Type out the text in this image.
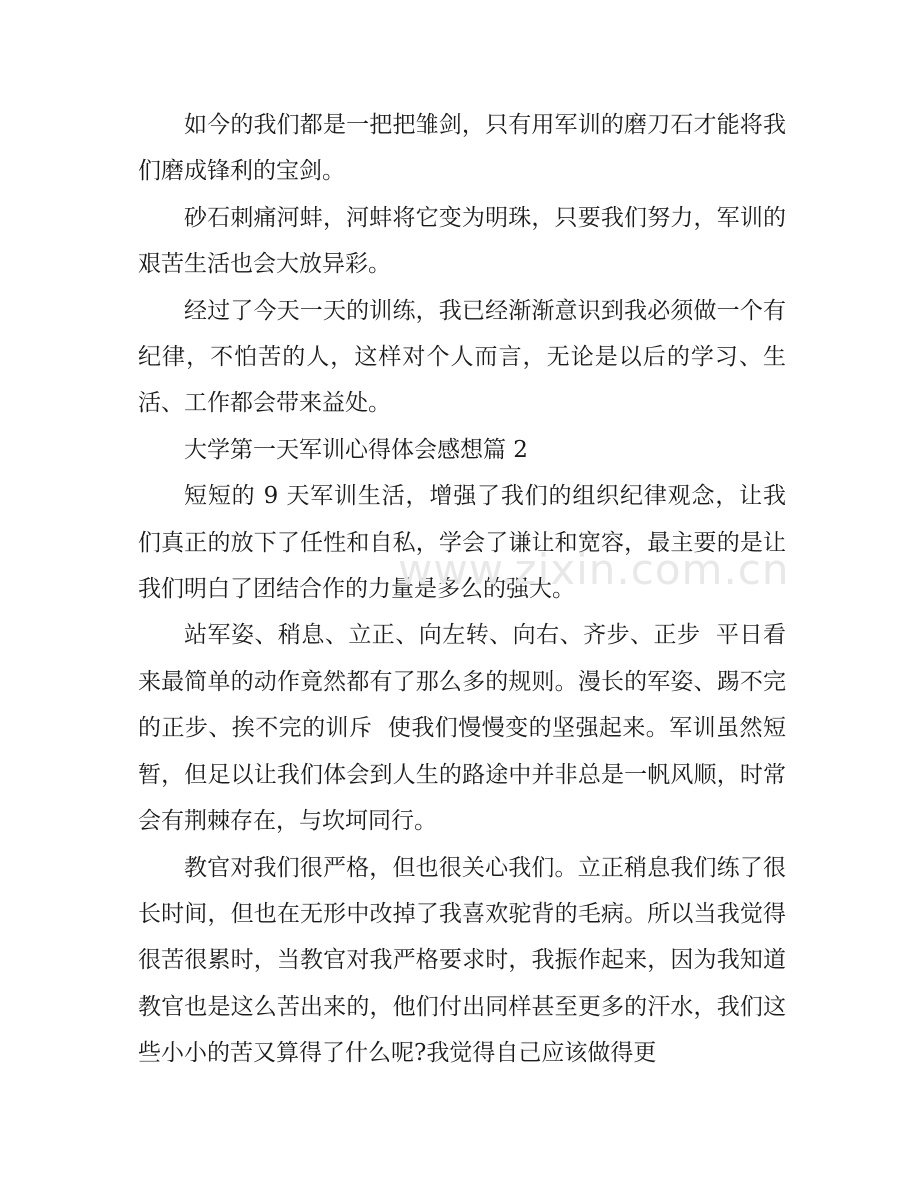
如今的我们都是一把把雏剑，只有用军训的磨刀石才能将我们磨成锋利的宝剑。

砂石刺痛河蚌，河蚌将它变为明珠，只要我们努力，军训的艰苦生活也会大放异彩。

经过了今天一天的训练，我已经渐渐意识到我必须做一个有纪律，不怕苦的人，这样对个人而言，无论是以后的学习、生活、工作都会带来益处。

大学第一天军训心得体会感想篇 2

短短的 9 天军训生活，增强了我们的组织纪律观念，让我们真正的放下了任性和自私，学会了谦让和宽容，最主要的是让我们明白了团结合作的力量是多么的强大。

站军姿、稍息、立正、向左转、向右、齐步、正步  平日看来最简单的动作竟然都有了那么多的规则。漫长的军姿、踢不完的正步、挨不完的训斥  使我们慢慢变的坚强起来。军训虽然短暂，但足以让我们体会到人生的路途中并非总是一帆风顺，时常会有荆棘存在，与坎坷同行。

教官对我们很严格，但也很关心我们。立正稍息我们练了很长时间，但也在无形中改掉了我喜欢驼背的毛病。所以当我觉得很苦很累时，当教官对我严格要求时，我振作起来，因为我知道教官也是这么苦出来的，他们付出同样甚至更多的汗水，我们这些小小的苦又算得了什么呢?我觉得自己应该做得更

www.zixin.com.cn
